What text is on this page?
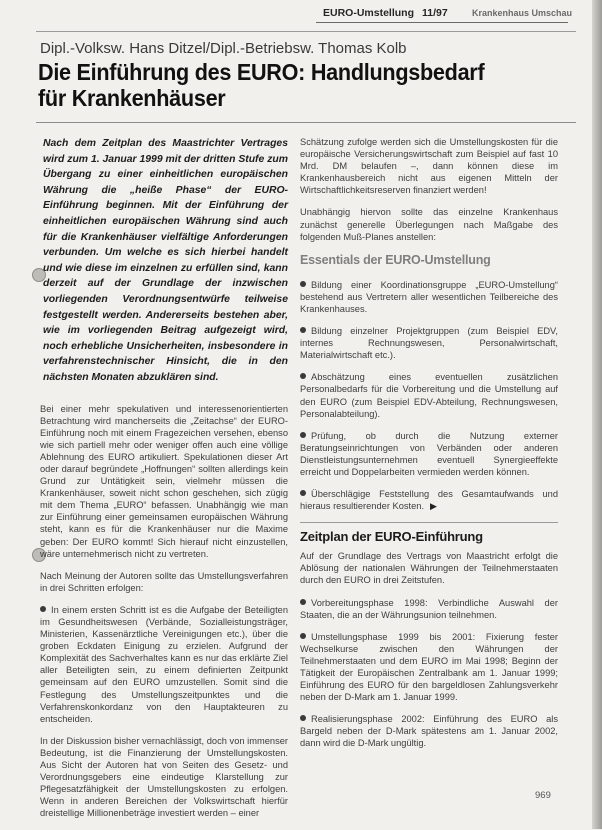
EURO-Umstellung 11/97	Krankenhaus Umschau
Dipl.-Volksw. Hans Ditzel/Dipl.-Betriebsw. Thomas Kolb
Die Einführung des EURO: Handlungsbedarf
für Krankenhäuser

Nach dem Zeitplan des Maastrichter Vertrages wird zum 1. Januar 1999 mit der dritten Stufe zum Übergang zu einer einheitlichen europäischen Währung die „heiße Phase“ der EURO-Einführung beginnen. Mit der Einführung der einheitlichen europäischen Währung sind auch für die Krankenhäuser vielfältige Anforderungen verbunden. Um welche es sich hierbei handelt und wie diese im einzelnen zu erfüllen sind, kann derzeit auf der Grundlage der inzwischen vorliegenden Verordnungsentwürfe teilweise festgestellt werden. Andererseits bestehen aber, wie im vorliegenden Beitrag aufgezeigt wird, noch erhebliche Unsicherheiten, insbesondere in verfahrenstechnischer Hinsicht, die in den nächsten Monaten abzuklären sind.

Bei einer mehr spekulativen und interessenorientierten Betrachtung wird mancherseits die „Zeitachse“ der EURO-Einführung noch mit einem Fragezeichen versehen, ebenso wie sich partiell mehr oder weniger offen auch eine völlige Ablehnung des EURO artikuliert. Spekulationen dieser Art oder darauf begründete „Hoffnungen“ sollten allerdings kein Grund zur Untätigkeit sein, vielmehr müssen die Krankenhäuser, soweit nicht schon geschehen, sich zügig mit dem Thema „EURO“ befassen. Unabhängig wie man zur Einführung einer gemeinsamen europäischen Währung steht, kann es für die Krankenhäuser nur die Maxime geben: Der EURO kommt! Sich hierauf nicht einzustellen, wäre unternehmerisch nicht zu vertreten.

Nach Meinung der Autoren sollte das Umstellungsverfahren in drei Schritten erfolgen:

In einem ersten Schritt ist es die Aufgabe der Beteiligten im Gesundheitswesen (Verbände, Sozialleistungsträger, Ministerien, Kassenärztliche Vereinigungen etc.), über die groben Eckdaten Einigung zu erzielen. Aufgrund der Komplexität des Sachverhaltes kann es nur das erklärte Ziel aller Beteiligten sein, zu einem definierten Zeitpunkt gemeinsam auf den EURO umzustellen. Somit sind die Festlegung des Umstellungszeitpunktes und die Verfahrenskonkordanz von den Hauptakteuren zu entscheiden.

In der Diskussion bisher vernachlässigt, doch von immenser Bedeutung, ist die Finanzierung der Umstellungskosten. Aus Sicht der Autoren hat von Seiten des Gesetz- und Verordnungsgebers eine eindeutige Klarstellung zur Pflegesatzfähigkeit der Umstellungskosten zu erfolgen. Wenn in anderen Bereichen der Volkswirtschaft hierfür dreistellige Millionenbeträge investiert werden – einer

Schätzung zufolge werden sich die Umstellungskosten für die europäische Versicherungswirtschaft zum Beispiel auf fast 10 Mrd. DM belaufen –, dann können diese im Krankenhausbereich nicht aus eigenen Mitteln der Wirtschaftlichkeitsreserven finanziert werden!

Unabhängig hiervon sollte das einzelne Krankenhaus zunächst generelle Überlegungen nach Maßgabe des folgenden Muß-Planes anstellen:

Essentials der EURO-Umstellung

Bildung einer Koordinationsgruppe „EURO-Umstellung“ bestehend aus Vertretern aller wesentlichen Teilbereiche des Krankenhauses.

Bildung einzelner Projektgruppen (zum Beispiel EDV, internes Rechnungswesen, Personalwirtschaft, Materialwirtschaft etc.).

Abschätzung eines eventuellen zusätzlichen Personalbedarfs für die Vorbereitung und die Umstellung auf den EURO (zum Beispiel EDV-Abteilung, Rechnungswesen, Personalabteilung).

Prüfung, ob durch die Nutzung externer Beratungseinrichtungen von Verbänden oder anderen Dienstleistungsunternehmen eventuell Synergieeffekte erreicht und Doppelarbeiten vermieden werden können.

Überschlägige Feststellung des Gesamtaufwands und hieraus resultierender Kosten. ▶

Zeitplan der EURO-Einführung

Auf der Grundlage des Vertrags von Maastricht erfolgt die Ablösung der nationalen Währungen der Teilnehmerstaaten durch den EURO in drei Zeitstufen.

Vorbereitungsphase 1998: Verbindliche Auswahl der Staaten, die an der Währungsunion teilnehmen.

Umstellungsphase 1999 bis 2001: Fixierung fester Wechselkurse zwischen den Währungen der Teilnehmerstaaten und dem EURO im Mai 1998; Beginn der Tätigkeit der Europäischen Zentralbank am 1. Januar 1999; Einführung des EURO für den bargeldlosen Zahlungsverkehr neben der D-Mark am 1. Januar 1999.

Realisierungsphase 2002: Einführung des EURO als Bargeld neben der D-Mark spätestens am 1. Januar 2002, dann wird die D-Mark ungültig.

969
